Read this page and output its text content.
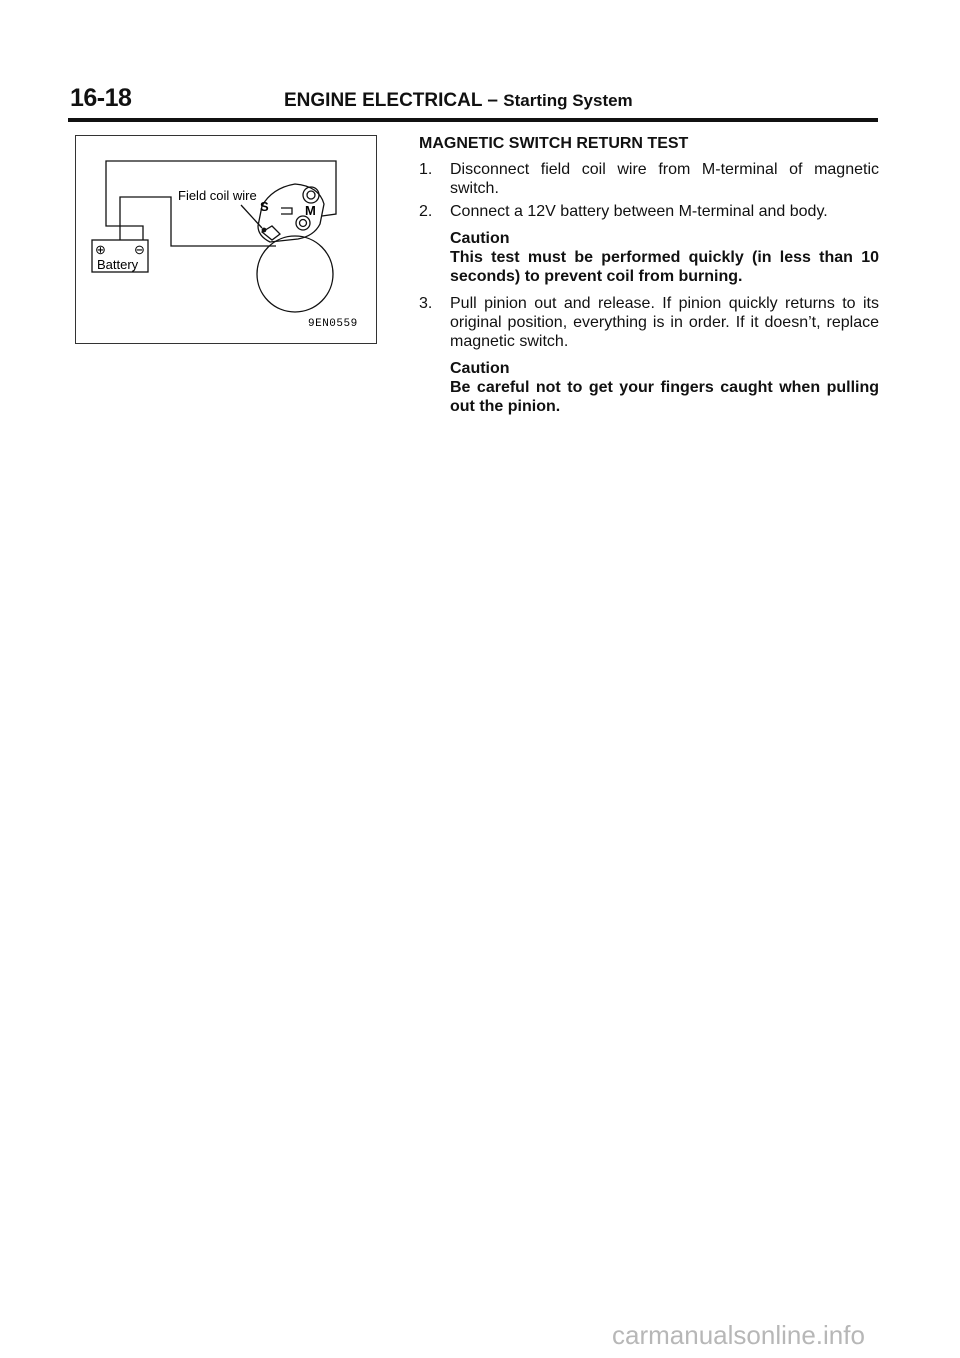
16-18	ENGINE ELECTRICAL – Starting System
Field coil wire
S	M
⊕ ⊖
Battery
9EN0559
MAGNETIC SWITCH RETURN TEST
1. Disconnect field coil wire from M-terminal of magnetic switch.
2. Connect a 12V battery between M-terminal and body.
Caution
This test must be performed quickly (in less than 10 seconds) to prevent coil from burning.
3. Pull pinion out and release. If pinion quickly returns to its original position, everything is in order. If it doesn’t, replace magnetic switch.
Caution
Be careful not to get your fingers caught when pulling out the pinion.
carmanualsonline.info
